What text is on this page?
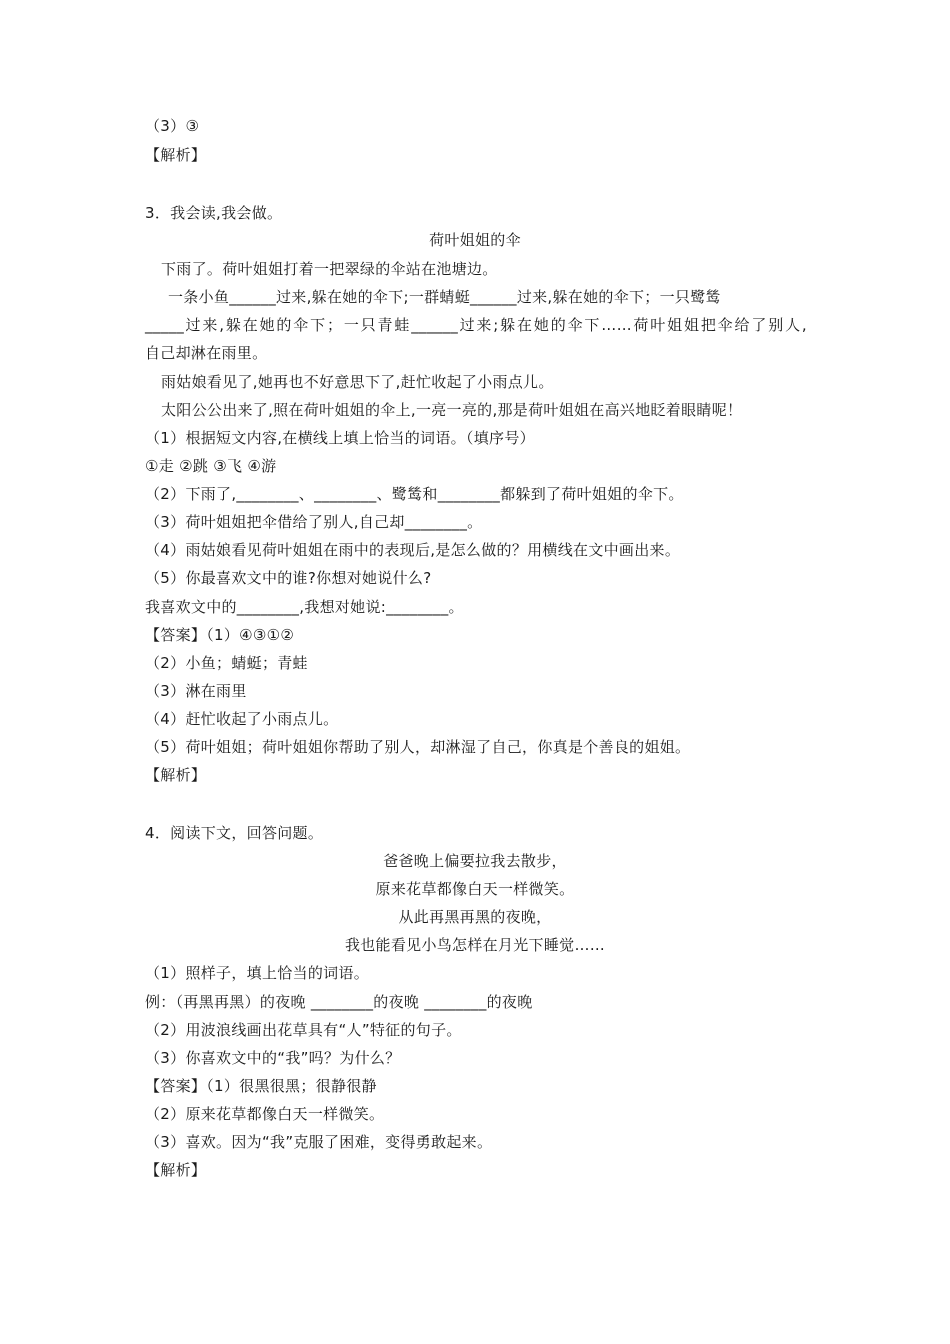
（3）③
【解析】
3．我会读,我会做。
荷叶姐姐的伞
下雨了。荷叶姐姐打着一把翠绿的伞站在池塘边。
一条小鱼______过来,躲在她的伞下;一群蜻蜓______过来,躲在她的伞下；一只鹭鸶
_____过来,躲在她的伞下；一只青蛙______过来;躲在她的伞下……荷叶姐姐把伞给了别人,
自己却淋在雨里。
雨姑娘看见了,她再也不好意思下了,赶忙收起了小雨点儿。
太阳公公出来了,照在荷叶姐姐的伞上,一亮一亮的,那是荷叶姐姐在高兴地眨着眼睛呢！
（1）根据短文内容,在横线上填上恰当的词语。（填序号）
①走 ②跳 ③飞 ④游
（2）下雨了,________、________、鹭鸶和________都躲到了荷叶姐姐的伞下。
（3）荷叶姐姐把伞借给了别人,自己却________。
（4）雨姑娘看见荷叶姐姐在雨中的表现后,是怎么做的？用横线在文中画出来。
（5）你最喜欢文中的谁?你想对她说什么?
我喜欢文中的________,我想对她说:________。
【答案】（1）④③①②
（2）小鱼；蜻蜓；青蛙
（3）淋在雨里
（4）赶忙收起了小雨点儿。
（5）荷叶姐姐；荷叶姐姐你帮助了别人，却淋湿了自己，你真是个善良的姐姐。
【解析】
4．阅读下文，回答问题。
爸爸晚上偏要拉我去散步，
原来花草都像白天一样微笑。
从此再黑再黑的夜晚，
我也能看见小鸟怎样在月光下睡觉……
（1）照样子，填上恰当的词语。
例：（再黑再黑）的夜晚 ________的夜晚 ________的夜晚
（2）用波浪线画出花草具有“人”特征的句子。
（3）你喜欢文中的“我”吗？为什么？
【答案】（1）很黑很黑；很静很静
（2）原来花草都像白天一样微笑。
（3）喜欢。因为“我”克服了困难，变得勇敢起来。
【解析】
